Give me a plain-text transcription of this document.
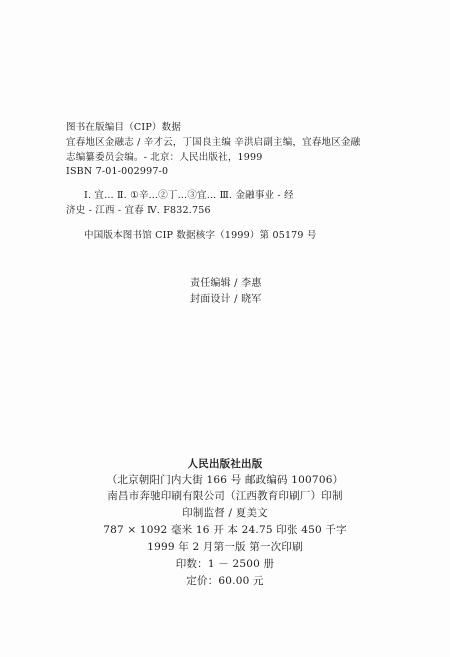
图书在版编目（CIP）数据
宜春地区金融志 / 辛才云，丁国良主编 辛洪启副主编，宜春地区金融
志编纂委员会编。- 北京：人民出版社，1999
ISBN 7-01-002997-0
Ⅰ. 宜… Ⅱ. ①辛…②丁…③宜… Ⅲ. 金融事业 - 经
济史 - 江西 - 宜春 Ⅳ. F832.756
中国版本图书馆 CIP 数据核字（1999）第 05179 号
责任编辑 / 李惠
封面设计 / 晓军
人民出版社出版
（北京朝阳门内大街 166 号 邮政编码 100706）
南昌市奔驰印刷有限公司（江西教育印刷厂）印制
印制监督 / 夏美文
787 × 1092 毫米 16 开 本 24.75 印张 450 千字
1999 年 2 月第一版 第一次印刷
印数：1 － 2500 册
定价：60.00 元
